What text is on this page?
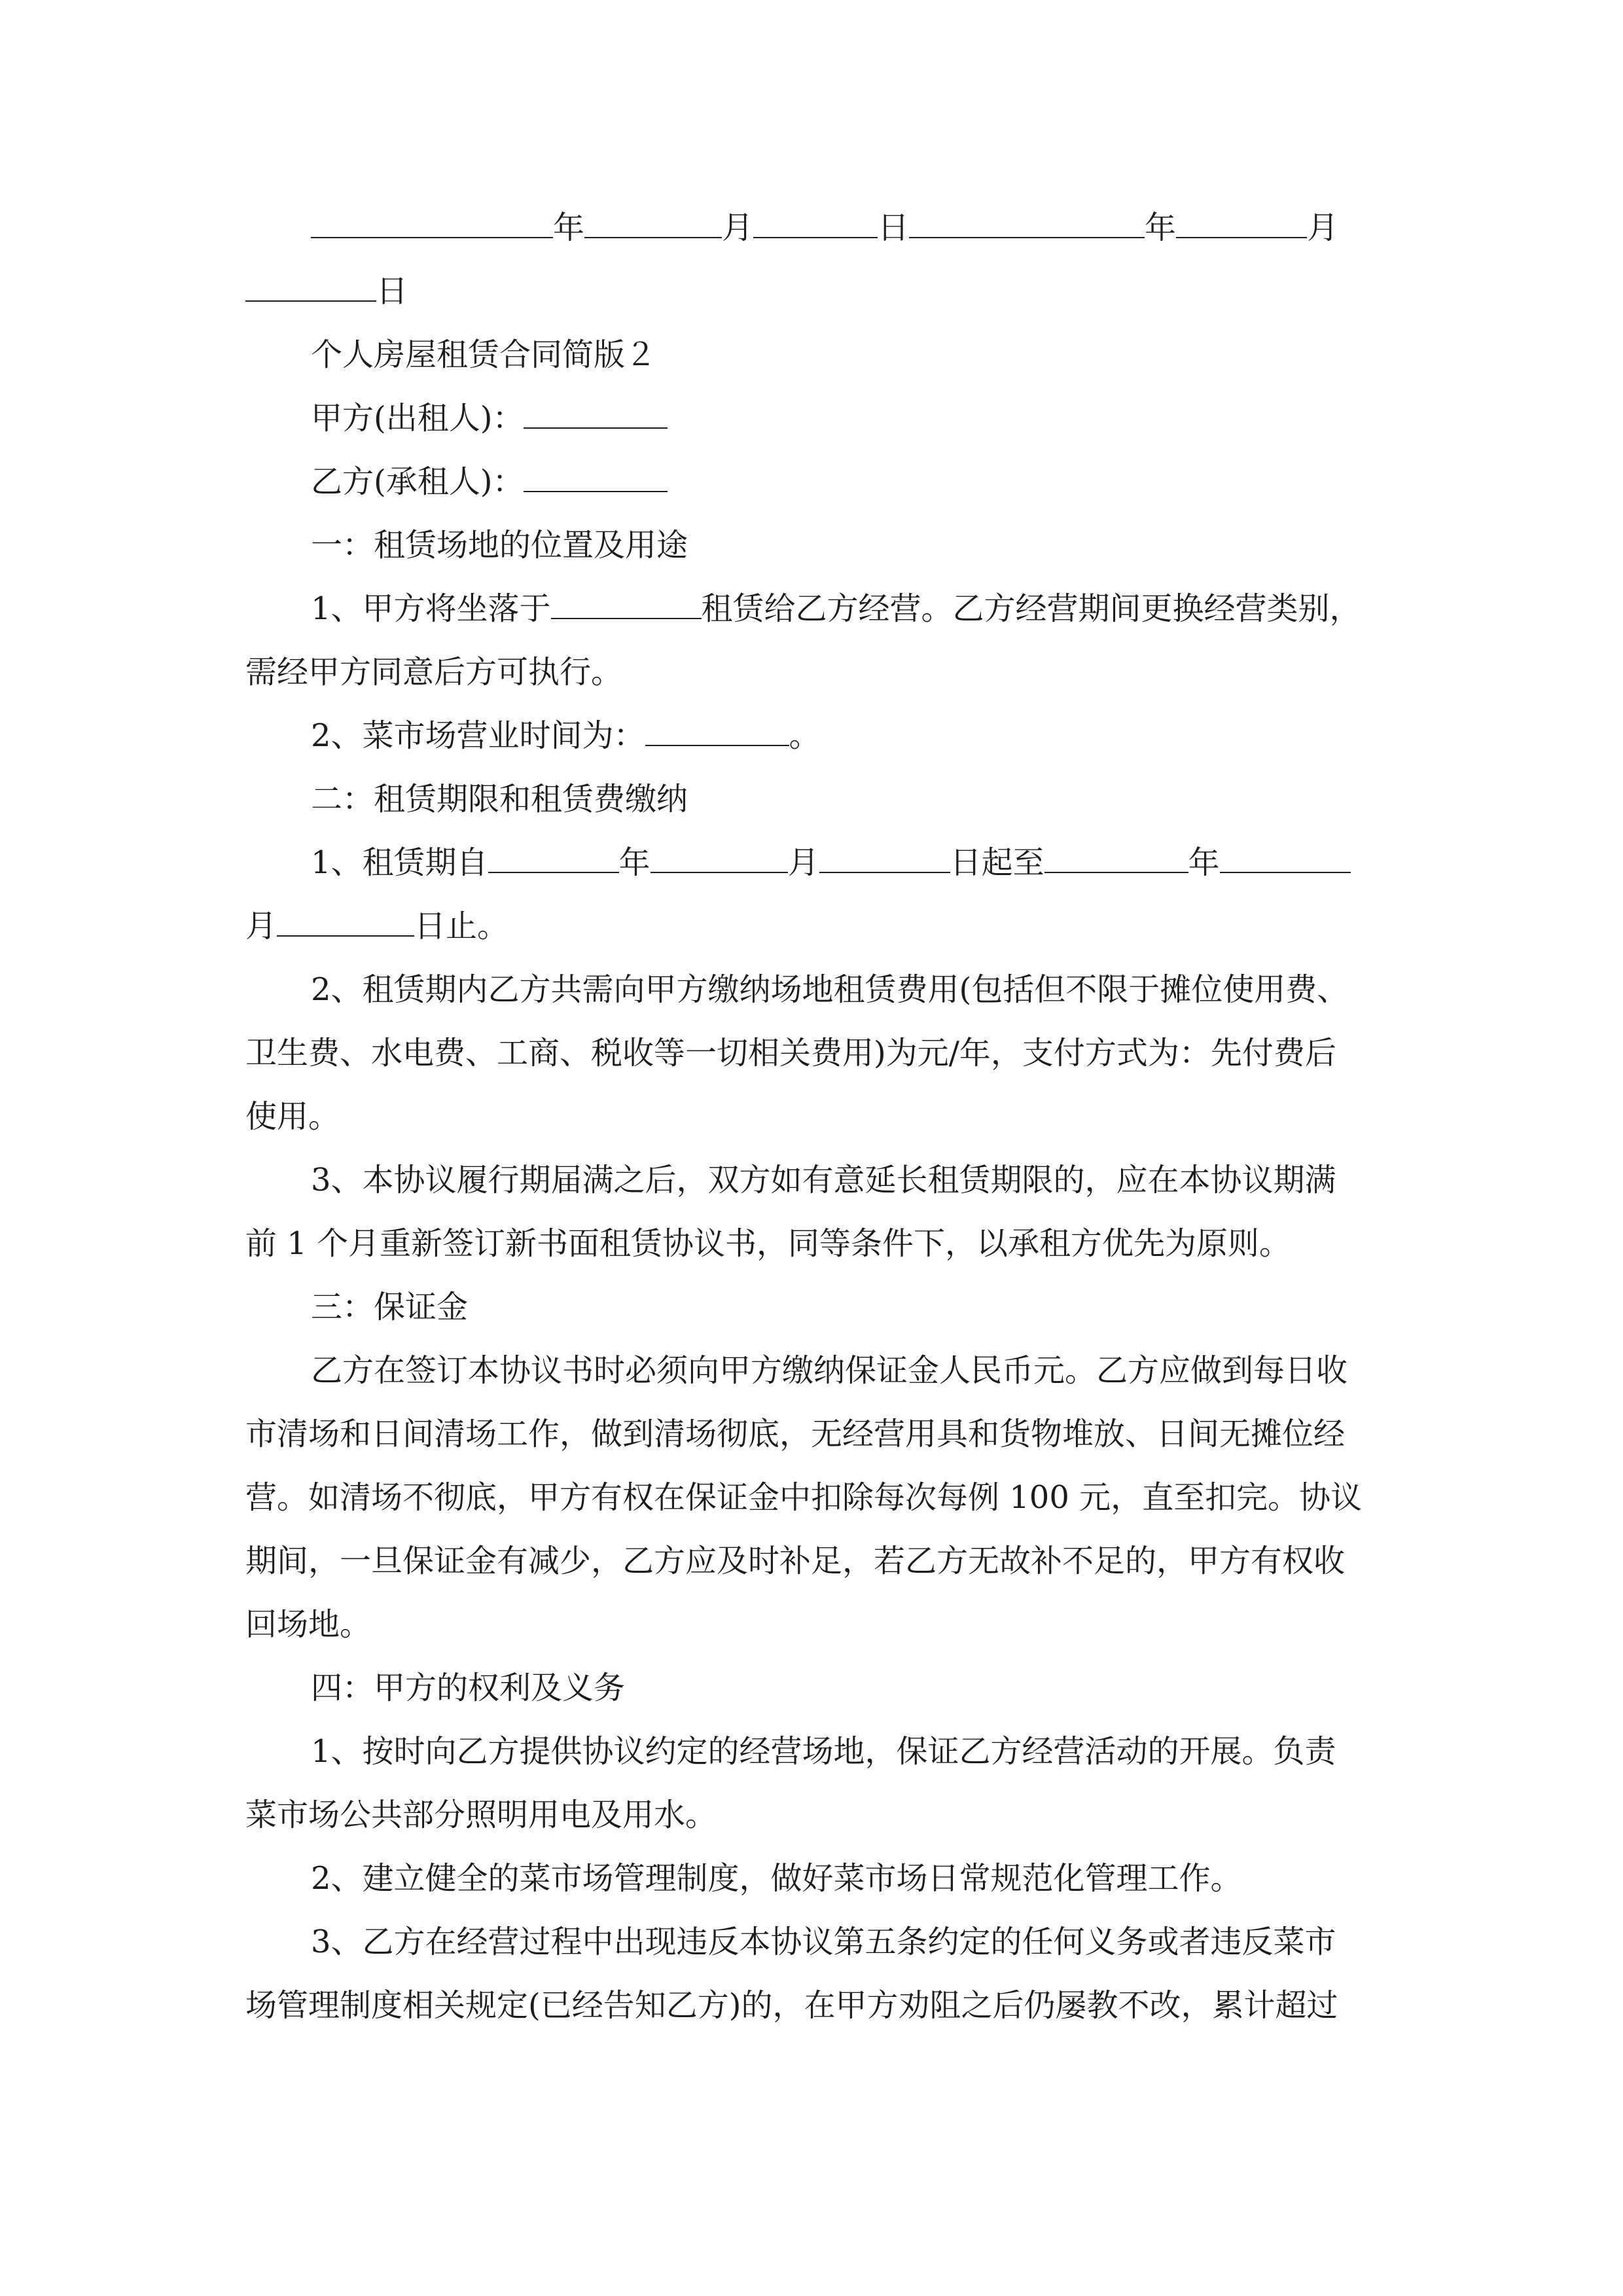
年	月	日	年	月
日
个人房屋租赁合同简版２
甲方(出租人)：
乙方(承租人)：
一：租赁场地的位置及用途
1、甲方将坐落于	租赁给乙方经营。乙方经营期间更换经营类别，
需经甲方同意后方可执行。
2、菜市场营业时间为：	。
二：租赁期限和租赁费缴纳
1、租赁期自	年	月	日起至	年
月	日止。
2、租赁期内乙方共需向甲方缴纳场地租赁费用(包括但不限于摊位使用费、
卫生费、水电费、工商、税收等一切相关费用)为元/年，支付方式为：先付费后
使用。
3、本协议履行期届满之后，双方如有意延长租赁期限的，应在本协议期满
前 1 个月重新签订新书面租赁协议书，同等条件下，以承租方优先为原则。
三：保证金
乙方在签订本协议书时必须向甲方缴纳保证金人民币元。乙方应做到每日收
市清场和日间清场工作，做到清场彻底，无经营用具和货物堆放、日间无摊位经
营。如清场不彻底，甲方有权在保证金中扣除每次每例 100 元，直至扣完。协议
期间，一旦保证金有减少，乙方应及时补足，若乙方无故补不足的，甲方有权收
回场地。
四：甲方的权利及义务
1、按时向乙方提供协议约定的经营场地，保证乙方经营活动的开展。负责
菜市场公共部分照明用电及用水。
2、建立健全的菜市场管理制度，做好菜市场日常规范化管理工作。
3、乙方在经营过程中出现违反本协议第五条约定的任何义务或者违反菜市
场管理制度相关规定(已经告知乙方)的，在甲方劝阻之后仍屡教不改，累计超过
